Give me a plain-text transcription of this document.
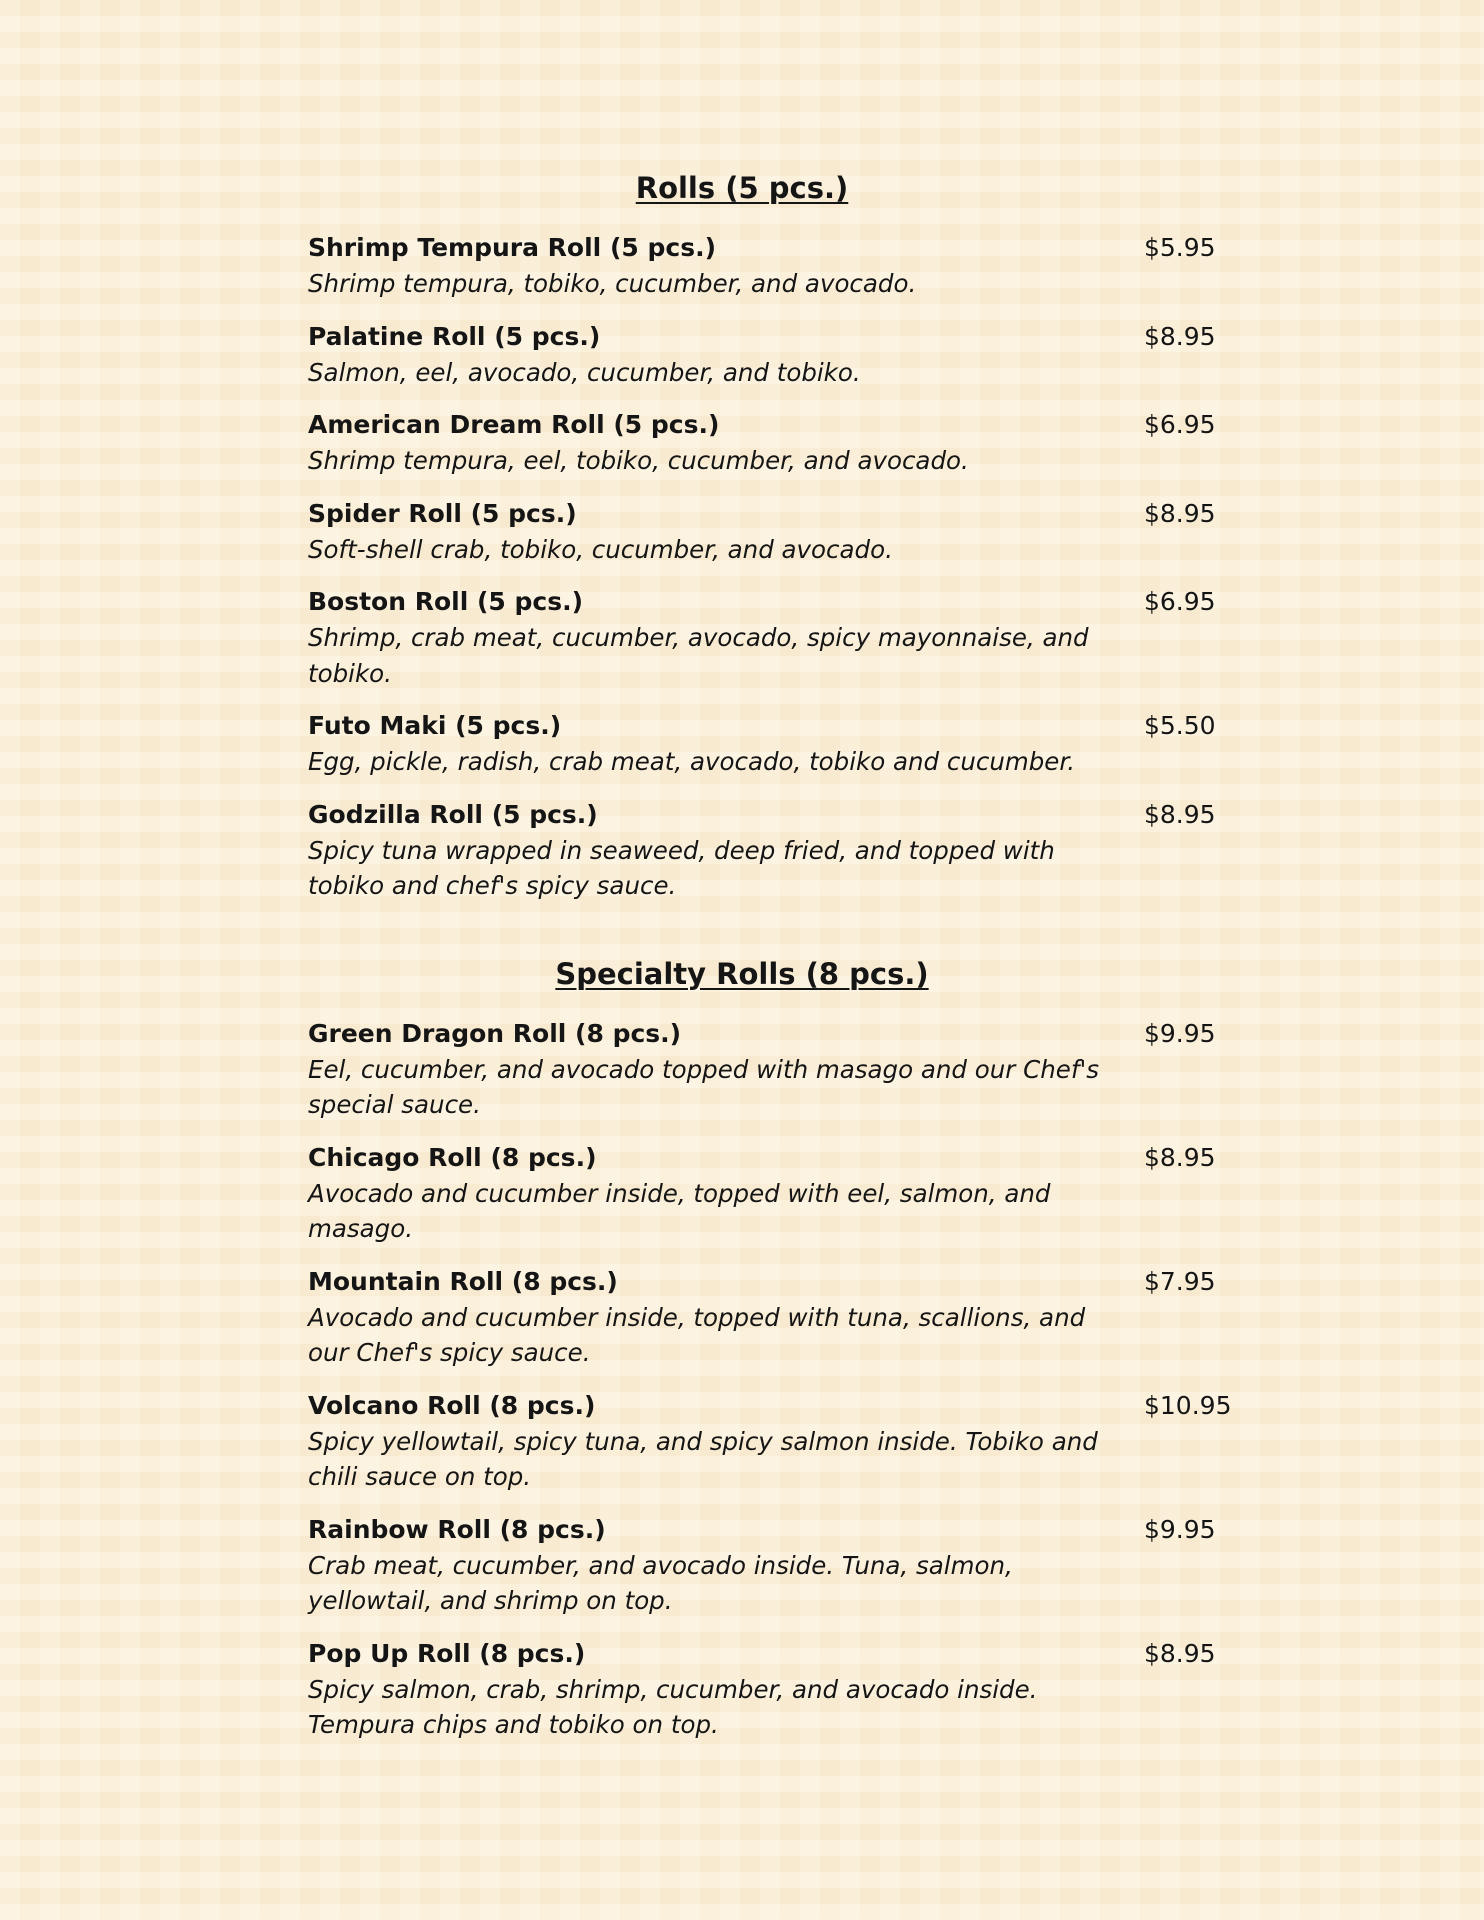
Rolls (5 pcs.)
Shrimp Tempura Roll (5 pcs.)
Shrimp tempura, tobiko, cucumber, and avocado.
$5.95
Palatine Roll (5 pcs.)
Salmon, eel, avocado, cucumber, and tobiko.
$8.95
American Dream Roll (5 pcs.)
Shrimp tempura, eel, tobiko, cucumber, and avocado.
$6.95
Spider Roll (5 pcs.)
Soft-shell crab, tobiko, cucumber, and avocado.
$8.95
Boston Roll (5 pcs.)
Shrimp, crab meat, cucumber, avocado, spicy mayonnaise, and tobiko.
$6.95
Futo Maki (5 pcs.)
Egg, pickle, radish, crab meat, avocado, tobiko and cucumber.
$5.50
Godzilla Roll (5 pcs.)
Spicy tuna wrapped in seaweed, deep fried, and topped with tobiko and chef's spicy sauce.
$8.95
Specialty Rolls (8 pcs.)
Green Dragon Roll (8 pcs.)
Eel, cucumber, and avocado topped with masago and our Chef's special sauce.
$9.95
Chicago Roll (8 pcs.)
Avocado and cucumber inside, topped with eel, salmon, and masago.
$8.95
Mountain Roll (8 pcs.)
Avocado and cucumber inside, topped with tuna, scallions, and our Chef's spicy sauce.
$7.95
Volcano Roll (8 pcs.)
Spicy yellowtail, spicy tuna, and spicy salmon inside. Tobiko and chili sauce on top.
$10.95
Rainbow Roll (8 pcs.)
Crab meat, cucumber, and avocado inside. Tuna, salmon, yellowtail, and shrimp on top.
$9.95
Pop Up Roll (8 pcs.)
Spicy salmon, crab, shrimp, cucumber, and avocado inside. Tempura chips and tobiko on top.
$8.95
